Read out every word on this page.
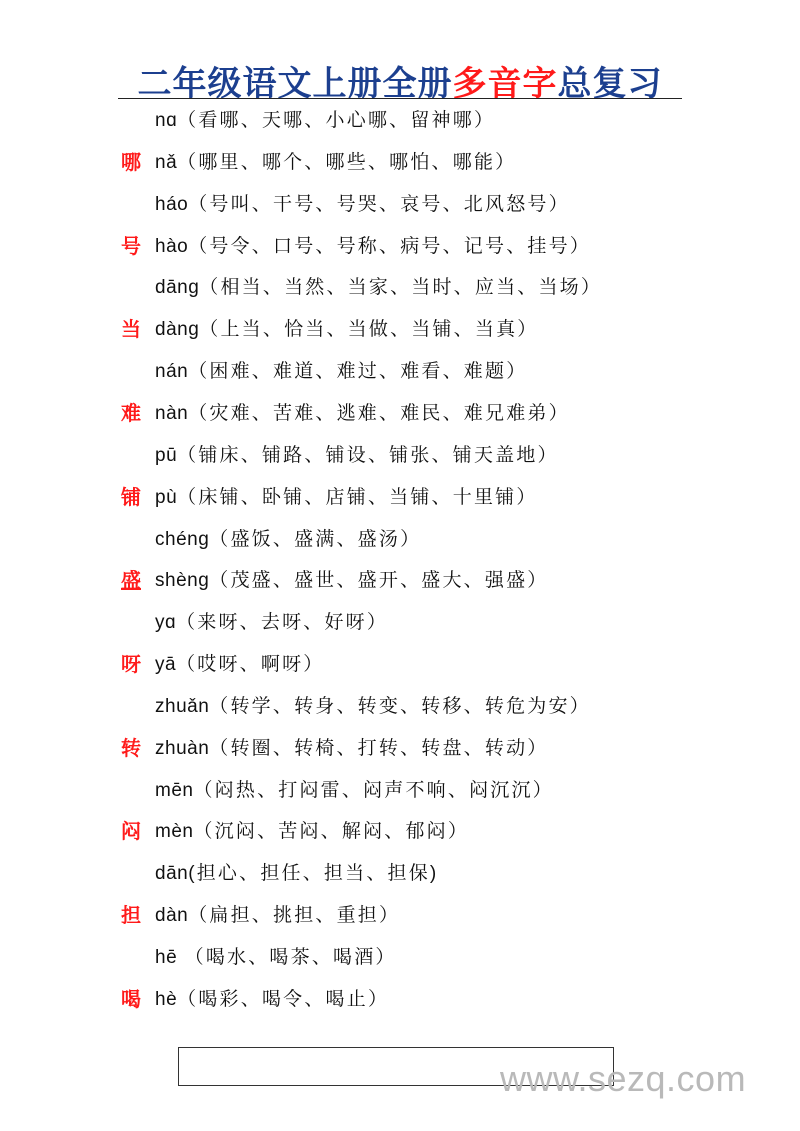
二年级语文上册全册多音字总复习
nɑ（看哪、天哪、小心哪、留神哪）
哪 nǎ（哪里、哪个、哪些、哪怕、哪能）
háo（号叫、干号、号哭、哀号、北风怒号）
号 hào（号令、口号、号称、病号、记号、挂号）
dāng（相当、当然、当家、当时、应当、当场）
当 dàng（上当、恰当、当做、当铺、当真）
nán（困难、难道、难过、难看、难题）
难 nàn（灾难、苦难、逃难、难民、难兄难弟）
pū（铺床、铺路、铺设、铺张、铺天盖地）
铺 pù（床铺、卧铺、店铺、当铺、十里铺）
chéng（盛饭、盛满、盛汤）
盛 shèng（茂盛、盛世、盛开、盛大、强盛）
yɑ（来呀、去呀、好呀）
呀 yā（哎呀、啊呀）
zhuǎn（转学、转身、转变、转移、转危为安）
转 zhuàn（转圈、转椅、打转、转盘、转动）
mēn（闷热、打闷雷、闷声不响、闷沉沉）
闷 mèn（沉闷、苦闷、解闷、郁闷）
dān(担心、担任、担当、担保)
担 dàn（扁担、挑担、重担）
hē （喝水、喝茶、喝酒）
喝 hè（喝彩、喝令、喝止）
www.sezq.com
